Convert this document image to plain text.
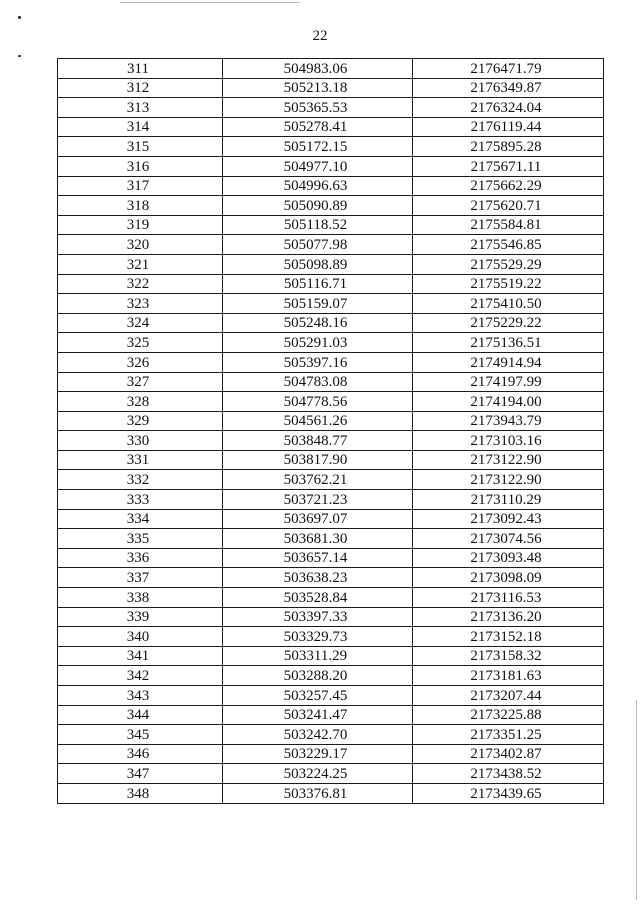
22
311	504983.06	2176471.79
312	505213.18	2176349.87
313	505365.53	2176324.04
314	505278.41	2176119.44
315	505172.15	2175895.28
316	504977.10	2175671.11
317	504996.63	2175662.29
318	505090.89	2175620.71
319	505118.52	2175584.81
320	505077.98	2175546.85
321	505098.89	2175529.29
322	505116.71	2175519.22
323	505159.07	2175410.50
324	505248.16	2175229.22
325	505291.03	2175136.51
326	505397.16	2174914.94
327	504783.08	2174197.99
328	504778.56	2174194.00
329	504561.26	2173943.79
330	503848.77	2173103.16
331	503817.90	2173122.90
332	503762.21	2173122.90
333	503721.23	2173110.29
334	503697.07	2173092.43
335	503681.30	2173074.56
336	503657.14	2173093.48
337	503638.23	2173098.09
338	503528.84	2173116.53
339	503397.33	2173136.20
340	503329.73	2173152.18
341	503311.29	2173158.32
342	503288.20	2173181.63
343	503257.45	2173207.44
344	503241.47	2173225.88
345	503242.70	2173351.25
346	503229.17	2173402.87
347	503224.25	2173438.52
348	503376.81	2173439.65
